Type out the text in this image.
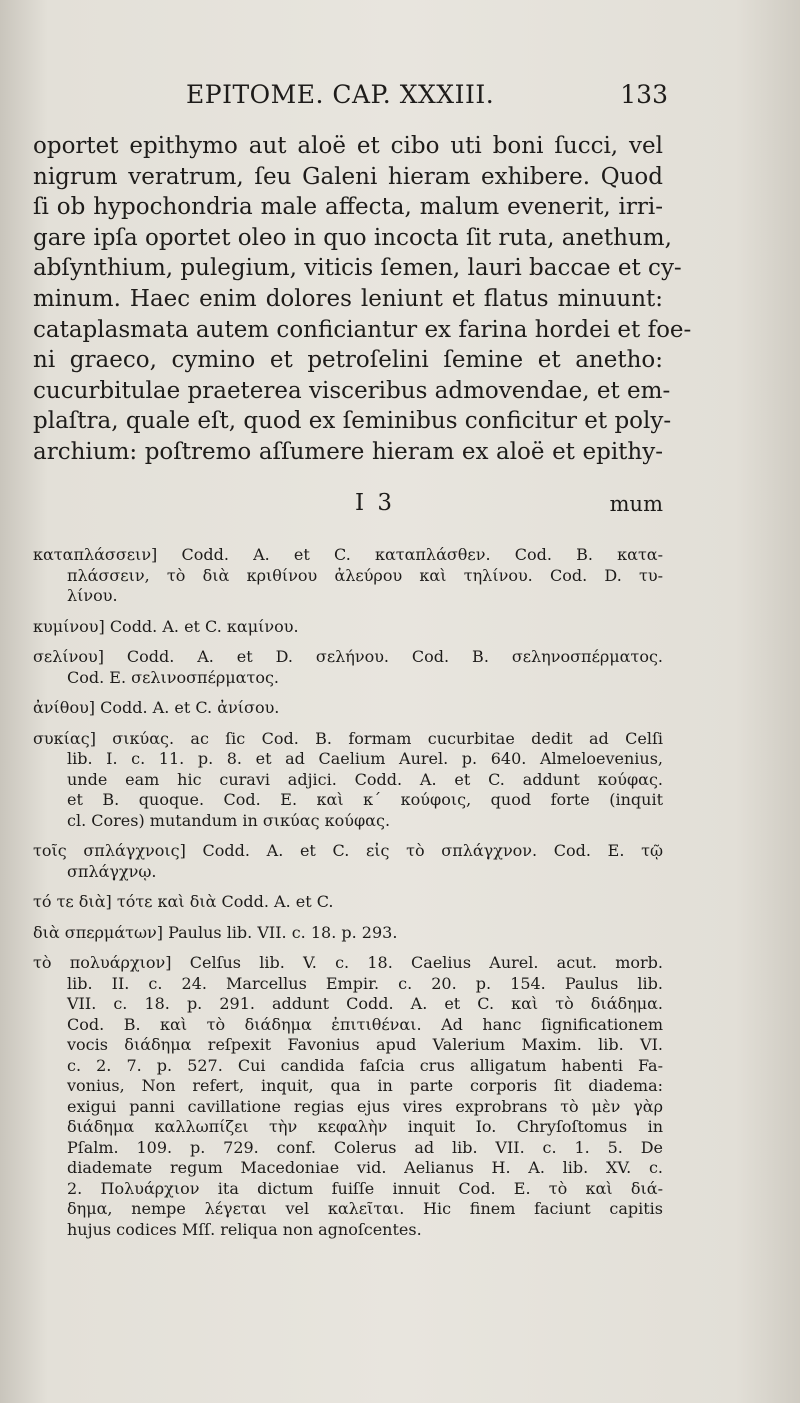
EPITOME. CAP. XXXIII.	133
oportet epithymo aut aloë et cibo uti boni ſucci, vel
nigrum veratrum, ſeu Galeni hieram exhibere. Quod
ſi ob hypochondria male affecta, malum evenerit, irri-
gare ipſa oportet oleo in quo incocta ſit ruta, anethum,
abſynthium, pulegium, viticis ſemen, lauri baccae et cy-
minum. Haec enim dolores leniunt et flatus minuunt:
cataplasmata autem conficiantur ex farina hordei et foe-
ni graeco, cymino et petroſelini ſemine et anetho:
cucurbitulae praeterea visceribus admovendae, et em-
plaſtra, quale eſt, quod ex ſeminibus conficitur et poly-
archium: poſtremo aſſumere hieram ex aloë et epithy-
I 3	mum
καταπλάσσειν] Codd. A. et C. καταπλάσθεν. Cod. B. κατα-
πλάσσειν, τὸ διὰ κριθίνου ἀλεύρου καὶ τηλίνου. Cod. D. τυ-
λίνου.
κυμίνου] Codd. A. et C. καμίνου.
σελίνου] Codd. A. et D. σελήνου. Cod. B. σεληνοσπέρματος.
Cod. E. σελινοσπέρματος.
ἀνίθου] Codd. A. et C. ἀνίσου.
συκίας] σικύας. ac ſic Cod. B. formam cucurbitae dedit ad Celſi
lib. I. c. 11. p. 8. et ad Caelium Aurel. p. 640. Almeloevenius,
unde eam hic curavi adjici. Codd. A. et C. addunt κούφας.
et B. quoque. Cod. E. καὶ κ΄ κούφοις, quod forte (inquit
cl. Cores) mutandum in σικύας κούφας.
τοῖς σπλάγχνοις] Codd. A. et C. εἰς τὸ σπλάγχνον. Cod. E. τῷ
σπλάγχνῳ.
τό τε διὰ] τότε καὶ διὰ Codd. A. et C.
διὰ σπερμάτων] Paulus lib. VII. c. 18. p. 293.
τὸ πολυάρχιον] Celſus lib. V. c. 18. Caelius Aurel. acut. morb.
lib. II. c. 24. Marcellus Empir. c. 20. p. 154. Paulus lib.
VII. c. 18. p. 291. addunt Codd. A. et C. καὶ τὸ διάδημα.
Cod. B. καὶ τὸ διάδημα ἐπιτιθέναι. Ad hanc ſignificationem
vocis διάδημα reſpexit Favonius apud Valerium Maxim. lib. VI.
c. 2. 7. p. 527. Cui candida faſcia crus alligatum habenti Fa-
vonius, Non refert, inquit, qua in parte corporis ſit diadema:
exigui panni cavillatione regias ejus vires exprobrans τὸ μὲν γὰρ
διάδημα καλλωπίζει τὴν κεφαλὴν inquit Io. Chryſoſtomus in
Pſalm. 109. p. 729. conf. Colerus ad lib. VII. c. 1. 5. De
diademate regum Macedoniae vid. Aelianus H. A. lib. XV. c.
2. Πολυάρχιον ita dictum fuiſſe innuit Cod. E. τὸ καὶ διά-
δημα, nempe λέγεται vel καλεῖται. Hic finem faciunt capitis
hujus codices Mſſ. reliqua non agnoſcentes.
